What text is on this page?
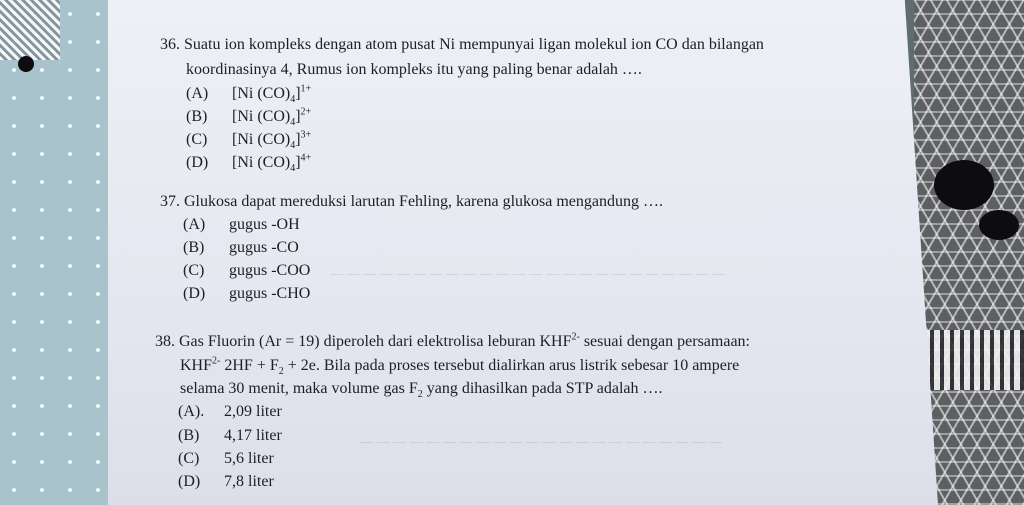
— — — — — — — — — — — — — — — — — — — — — — — —
— — — — — — — — — — — — — — — — — — — — — —
36. Suatu ion kompleks dengan atom pusat Ni mempunyai ligan molekul ion CO dan bilangan
koordinasinya 4, Rumus ion kompleks itu yang paling benar adalah ….
(A) [Ni $(CO)_4]^{1+}$
(B) [Ni $(CO)_4]^{2+}$
(C) [Ni $(CO)_4]^{3+}$
(D) [Ni $(CO)_4]^{4+}$
37. Glukosa dapat mereduksi larutan Fehling, karena glukosa mengandung ….
(A) gugus -OH
(B) gugus -CO
(C) gugus -COO
(D) gugus -CHO
38. Gas Fluorin (Ar = 19) diperoleh dari elektrolisa leburan $KHF^{2-}$ sesuai dengan persamaan:
$KHF^{2-}$ $2HF + F_2 + 2e$. Bila pada proses tersebut dialirkan arus listrik sebesar 10 ampere
selama 30 menit, maka volume gas $F_2$ yang dihasilkan pada STP adalah ….
(A). 2,09 liter
(B) 4,17 liter
(C) 5,6 liter
(D) 7,8 liter
